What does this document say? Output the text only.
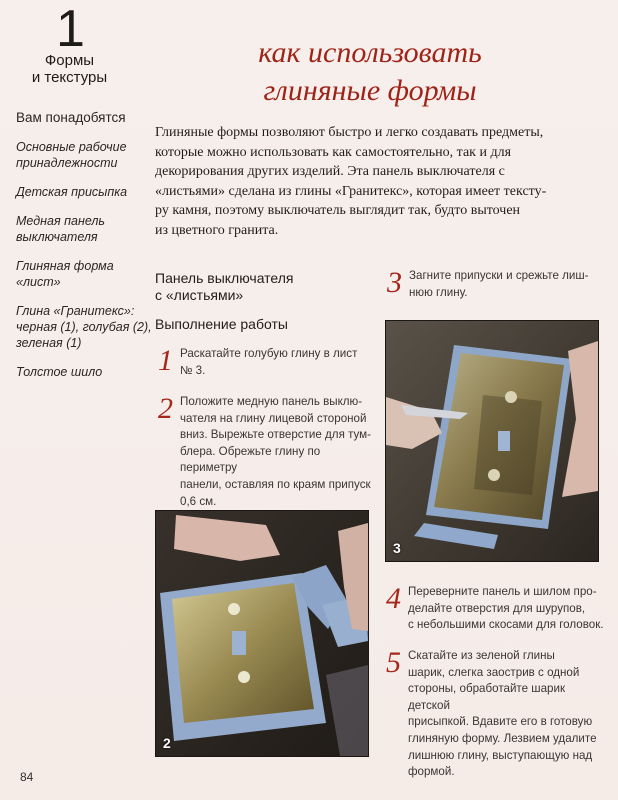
1
Формы
и текстуры
Вам понадобятся
Основные рабочие принадлежности
Детская присыпка
Медная панель выключателя
Глиняная форма «лист»
Глина «Гранитекс»: черная (1), голубая (2), зеленая (1)
Толстое шило
как использовать
глиняные формы
Глиняные формы позволяют быстро и легко создавать предметы,
которые можно использовать как самостоятельно, так и для
декорирования других изделий. Эта панель выключателя с
«листьями» сделана из глины «Гранитекс», которая имеет тексту-
ру камня, поэтому выключатель выглядит так, будто выточен
из цветного гранита.
Панель выключателя
с «листьями»
Выполнение работы
1 Раскатайте голубую глину в лист
№ 3.
2 Положите медную панель выклю-
чателя на глину лицевой стороной
вниз. Вырежьте отверстие для тум-
блера. Обрежьте глину по периметру
панели, оставляя по краям припуск
0,6 см.
3 Загните припуски и срежьте лиш-
нюю глину.
4 Переверните панель и шилом про-
делайте отверстия для шурупов,
с небольшими скосами для головок.
5 Скатайте из зеленой глины
шарик, слегка заострив с одной
стороны, обработайте шарик детской
присыпкой. Вдавите его в готовую
глиняную форму. Лезвием удалите
лишнюю глину, выступающую над
формой.
3
2
84
